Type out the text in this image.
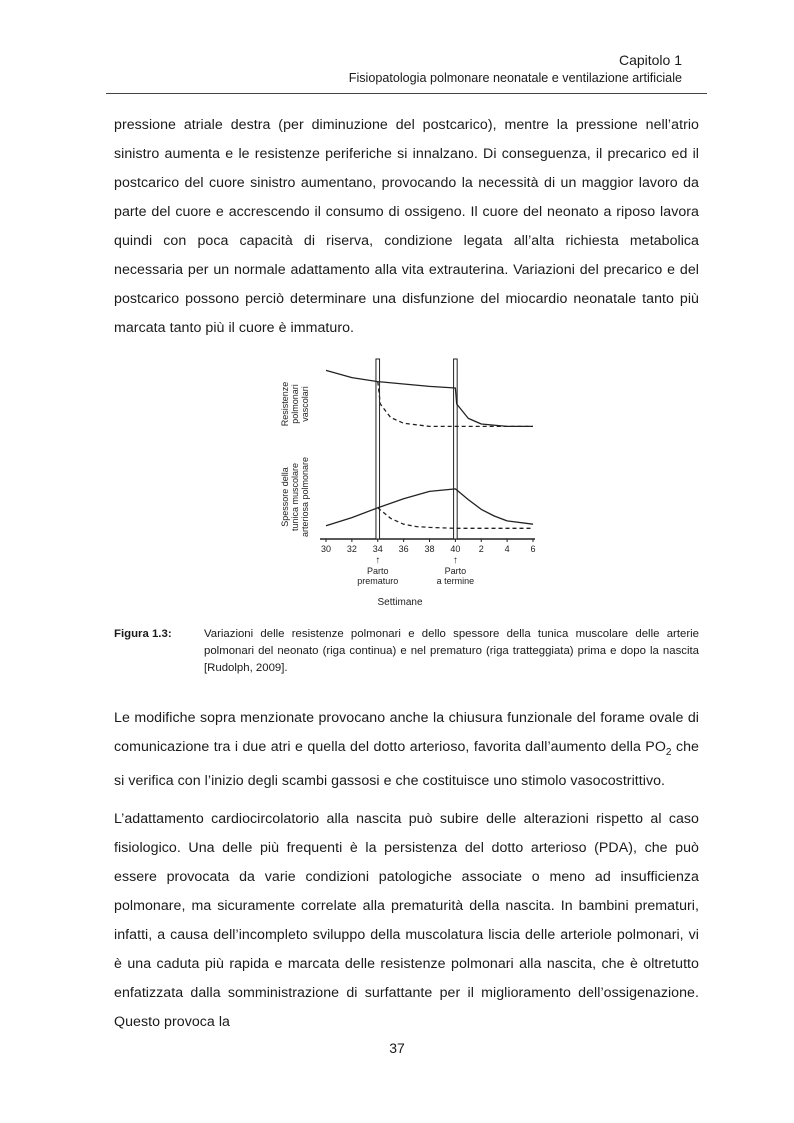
Capitolo 1
Fisiopatologia polmonare neonatale e ventilazione artificiale

pressione atriale destra (per diminuzione del postcarico), mentre la pressione nell’atrio sinistro aumenta e le resistenze periferiche si innalzano. Di conseguenza, il precarico ed il postcarico del cuore sinistro aumentano, provocando la necessità di un maggior lavoro da parte del cuore e accrescendo il consumo di ossigeno. Il cuore del neonato a riposo lavora quindi con poca capacità di riserva, condizione legata all’alta richiesta metabolica necessaria per un normale adattamento alla vita extrauterina. Variazioni del precarico e del postcarico possono perciò determinare una disfunzione del miocardio neonatale tanto più marcata tanto più il cuore è immaturo.

Resistenze polmonari vascolari
Spessore della tunica muscolare arteriosa polmonare
30 32 34 36 38 40 2 4 6
↑
Parto
prematuro
↑
Parto
a termine
Settimane
Figura 1.3:	Variazioni delle resistenze polmonari e dello spessore della tunica muscolare delle arterie polmonari del neonato (riga continua) e nel prematuro (riga tratteggiata) prima e dopo la nascita [Rudolph, 2009].

Le modifiche sopra menzionate provocano anche la chiusura funzionale del forame ovale di comunicazione tra i due atri e quella del dotto arterioso, favorita dall’aumento della $PO_2$ che si verifica con l’inizio degli scambi gassosi e che costituisce uno stimolo vasocostrittivo.

L’adattamento cardiocircolatorio alla nascita può subire delle alterazioni rispetto al caso fisiologico. Una delle più frequenti è la persistenza del dotto arterioso (PDA), che può essere provocata da varie condizioni patologiche associate o meno ad insufficienza polmonare, ma sicuramente correlate alla prematurità della nascita. In bambini prematuri, infatti, a causa dell’incompleto sviluppo della muscolatura liscia delle arteriole polmonari, vi è una caduta più rapida e marcata delle resistenze polmonari alla nascita, che è oltretutto enfatizzata dalla somministrazione di surfattante per il miglioramento dell’ossigenazione. Questo provoca la

37
